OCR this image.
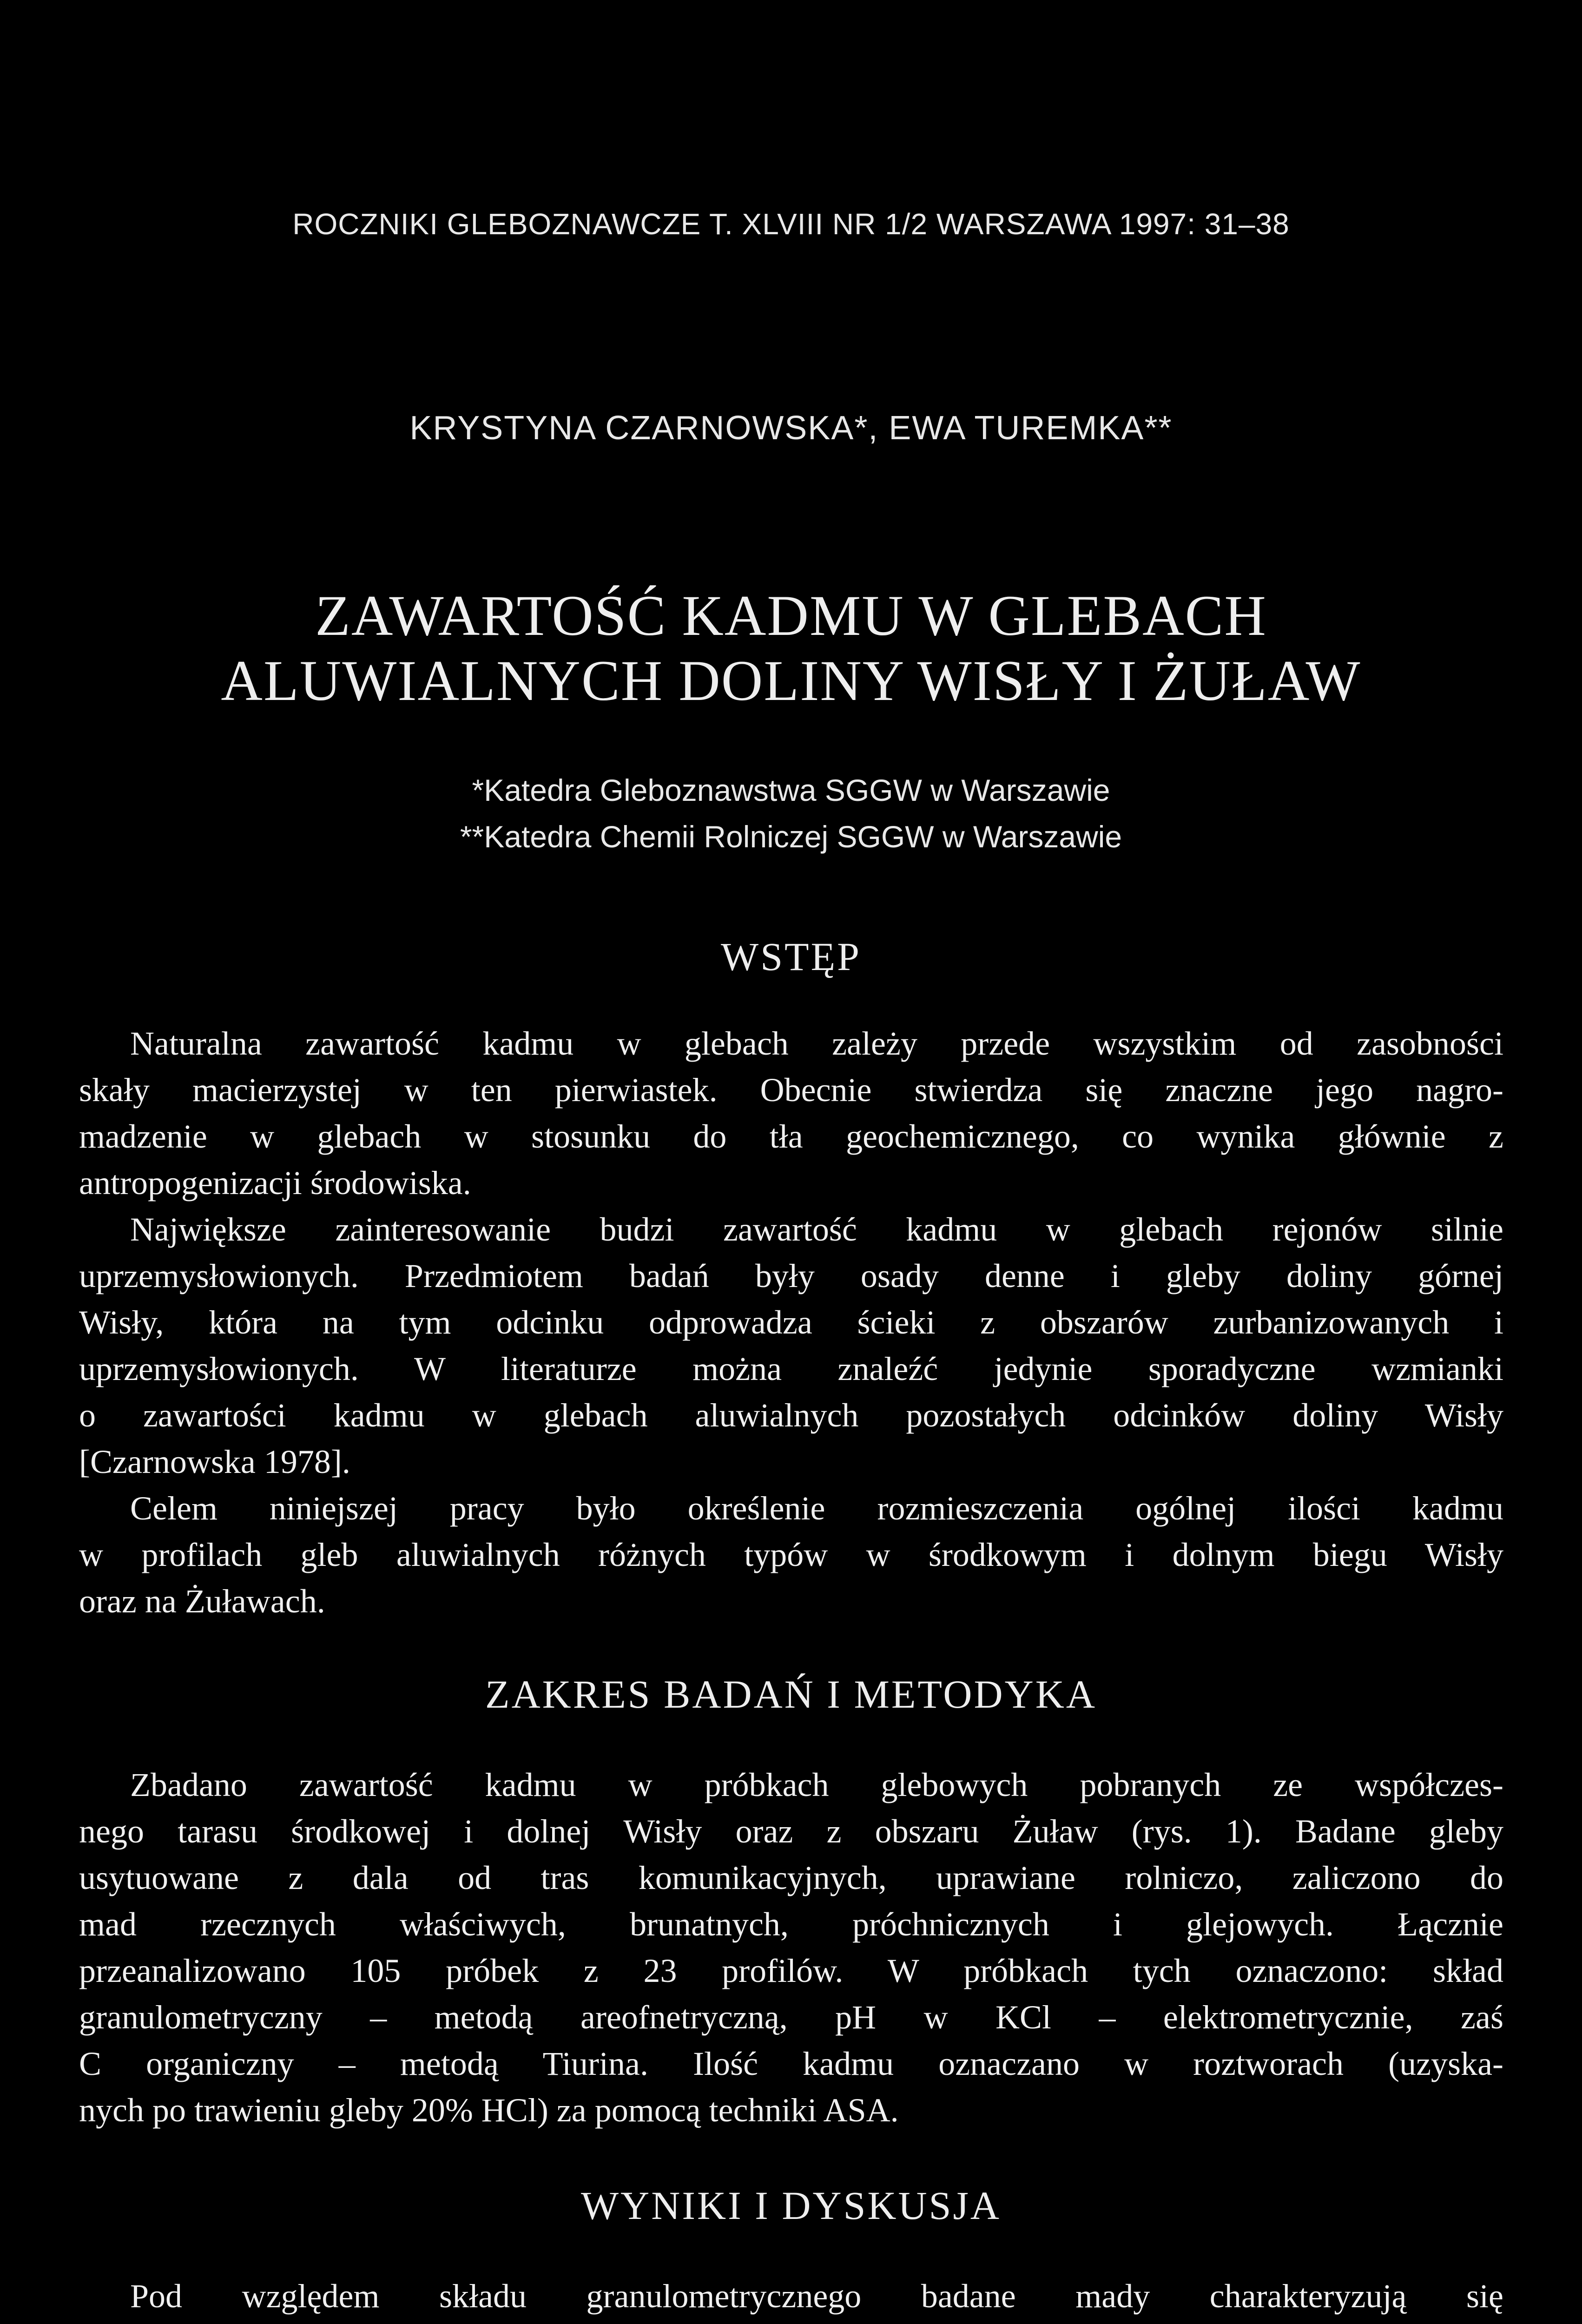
ROCZNIKI GLEBOZNAWCZE T. XLVIII NR 1/2 WARSZAWA 1997: 31–38
KRYSTYNA CZARNOWSKA*, EWA TUREMKA**
ZAWARTOŚĆ KADMU W GLEBACH
ALUWIALNYCH DOLINY WISŁY I ŻUŁAW
*Katedra Gleboznawstwa SGGW w Warszawie
**Katedra Chemii Rolniczej SGGW w Warszawie
WSTĘP
Naturalna zawartość kadmu w glebach zależy przede wszystkim od zasobności
skały macierzystej w ten pierwiastek. Obecnie stwierdza się znaczne jego nagro-
madzenie w glebach w stosunku do tła geochemicznego, co wynika głównie z
antropogenizacji środowiska.
Największe zainteresowanie budzi zawartość kadmu w glebach rejonów silnie
uprzemysłowionych. Przedmiotem badań były osady denne i gleby doliny górnej
Wisły, która na tym odcinku odprowadza ścieki z obszarów zurbanizowanych i
uprzemysłowionych. W literaturze można znaleźć jedynie sporadyczne wzmianki
o zawartości kadmu w glebach aluwialnych pozostałych odcinków doliny Wisły
[Czarnowska 1978].
Celem niniejszej pracy było określenie rozmieszczenia ogólnej ilości kadmu
w profilach gleb aluwialnych różnych typów w środkowym i dolnym biegu Wisły
oraz na Żuławach.
ZAKRES BADAŃ I METODYKA
Zbadano zawartość kadmu w próbkach glebowych pobranych ze współczes-
nego tarasu środkowej i dolnej Wisły oraz z obszaru Żuław (rys. 1). Badane gleby
usytuowane z dala od tras komunikacyjnych, uprawiane rolniczo, zaliczono do
mad rzecznych właściwych, brunatnych, próchnicznych i glejowych. Łącznie
przeanalizowano 105 próbek z 23 profilów. W próbkach tych oznaczono: skład
granulometryczny – metodą areofnetryczną, pH w KCl – elektrometrycznie, zaś
C organiczny – metodą Tiurina. Ilość kadmu oznaczano w roztworach (uzyska-
nych po trawieniu gleby 20% HCl) za pomocą techniki ASA.
WYNIKI I DYSKUSJA
Pod względem składu granulometrycznego badane mady charakteryzują się
